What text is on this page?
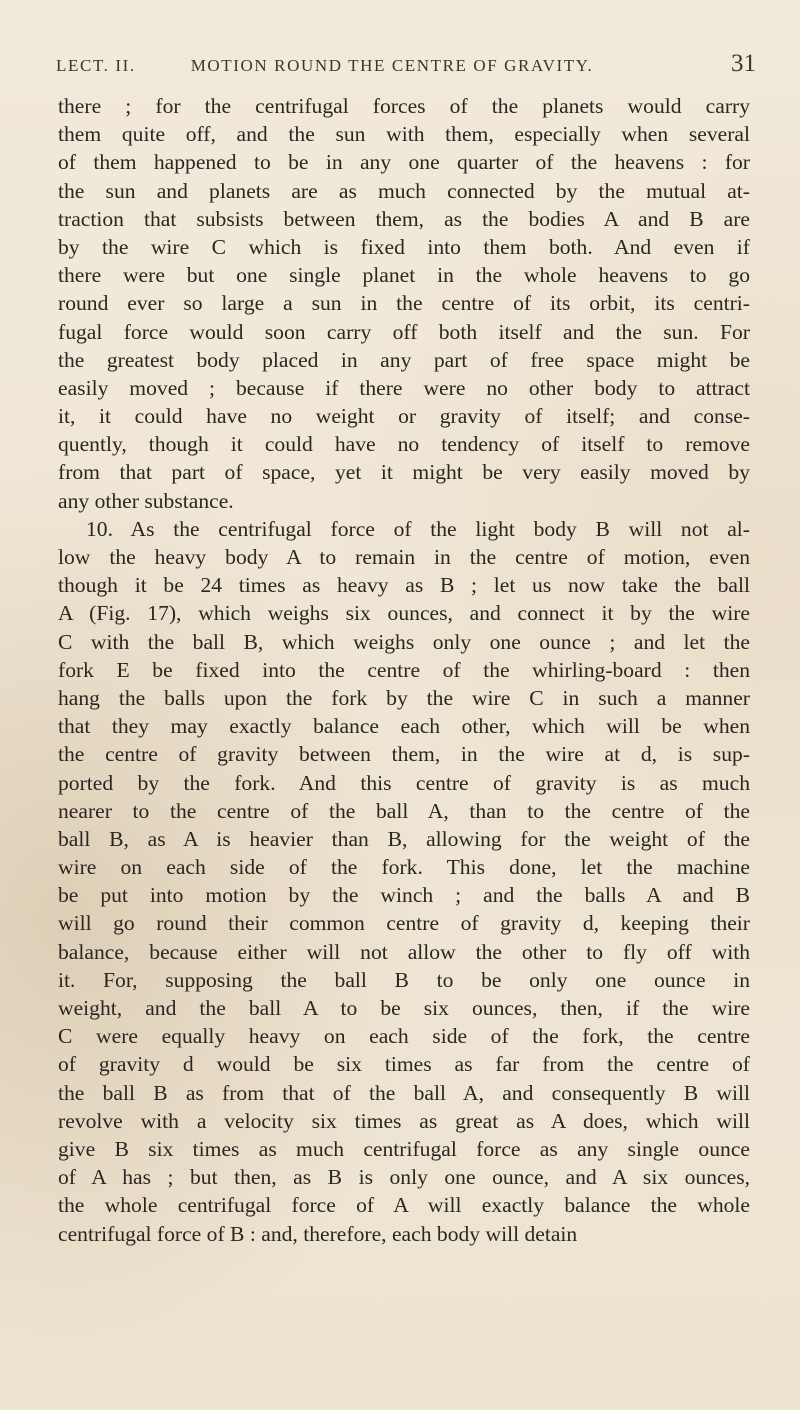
LECT. II.	MOTION ROUND THE CENTRE OF GRAVITY.	31
there ; for the centrifugal forces of the planets would carry
them quite off, and the sun with them, especially when several
of them happened to be in any one quarter of the heavens : for
the sun and planets are as much connected by the mutual at-
traction that subsists between them, as the bodies A and B are
by the wire C which is fixed into them both. And even if
there were but one single planet in the whole heavens to go
round ever so large a sun in the centre of its orbit, its centri-
fugal force would soon carry off both itself and the sun. For
the greatest body placed in any part of free space might be
easily moved ; because if there were no other body to attract
it, it could have no weight or gravity of itself; and conse-
quently, though it could have no tendency of itself to remove
from that part of space, yet it might be very easily moved by
any other substance.
10. As the centrifugal force of the light body B will not al-
low the heavy body A to remain in the centre of motion, even
though it be 24 times as heavy as B ; let us now take the ball
A (Fig. 17), which weighs six ounces, and connect it by the wire
C with the ball B, which weighs only one ounce ; and let the
fork E be fixed into the centre of the whirling-board : then
hang the balls upon the fork by the wire C in such a manner
that they may exactly balance each other, which will be when
the centre of gravity between them, in the wire at d, is sup-
ported by the fork. And this centre of gravity is as much
nearer to the centre of the ball A, than to the centre of the
ball B, as A is heavier than B, allowing for the weight of the
wire on each side of the fork. This done, let the machine
be put into motion by the winch ; and the balls A and B
will go round their common centre of gravity d, keeping their
balance, because either will not allow the other to fly off with
it. For, supposing the ball B to be only one ounce in
weight, and the ball A to be six ounces, then, if the wire
C were equally heavy on each side of the fork, the centre
of gravity d would be six times as far from the centre of
the ball B as from that of the ball A, and consequently B will
revolve with a velocity six times as great as A does, which will
give B six times as much centrifugal force as any single ounce
of A has ; but then, as B is only one ounce, and A six ounces,
the whole centrifugal force of A will exactly balance the whole
centrifugal force of B : and, therefore, each body will detain
